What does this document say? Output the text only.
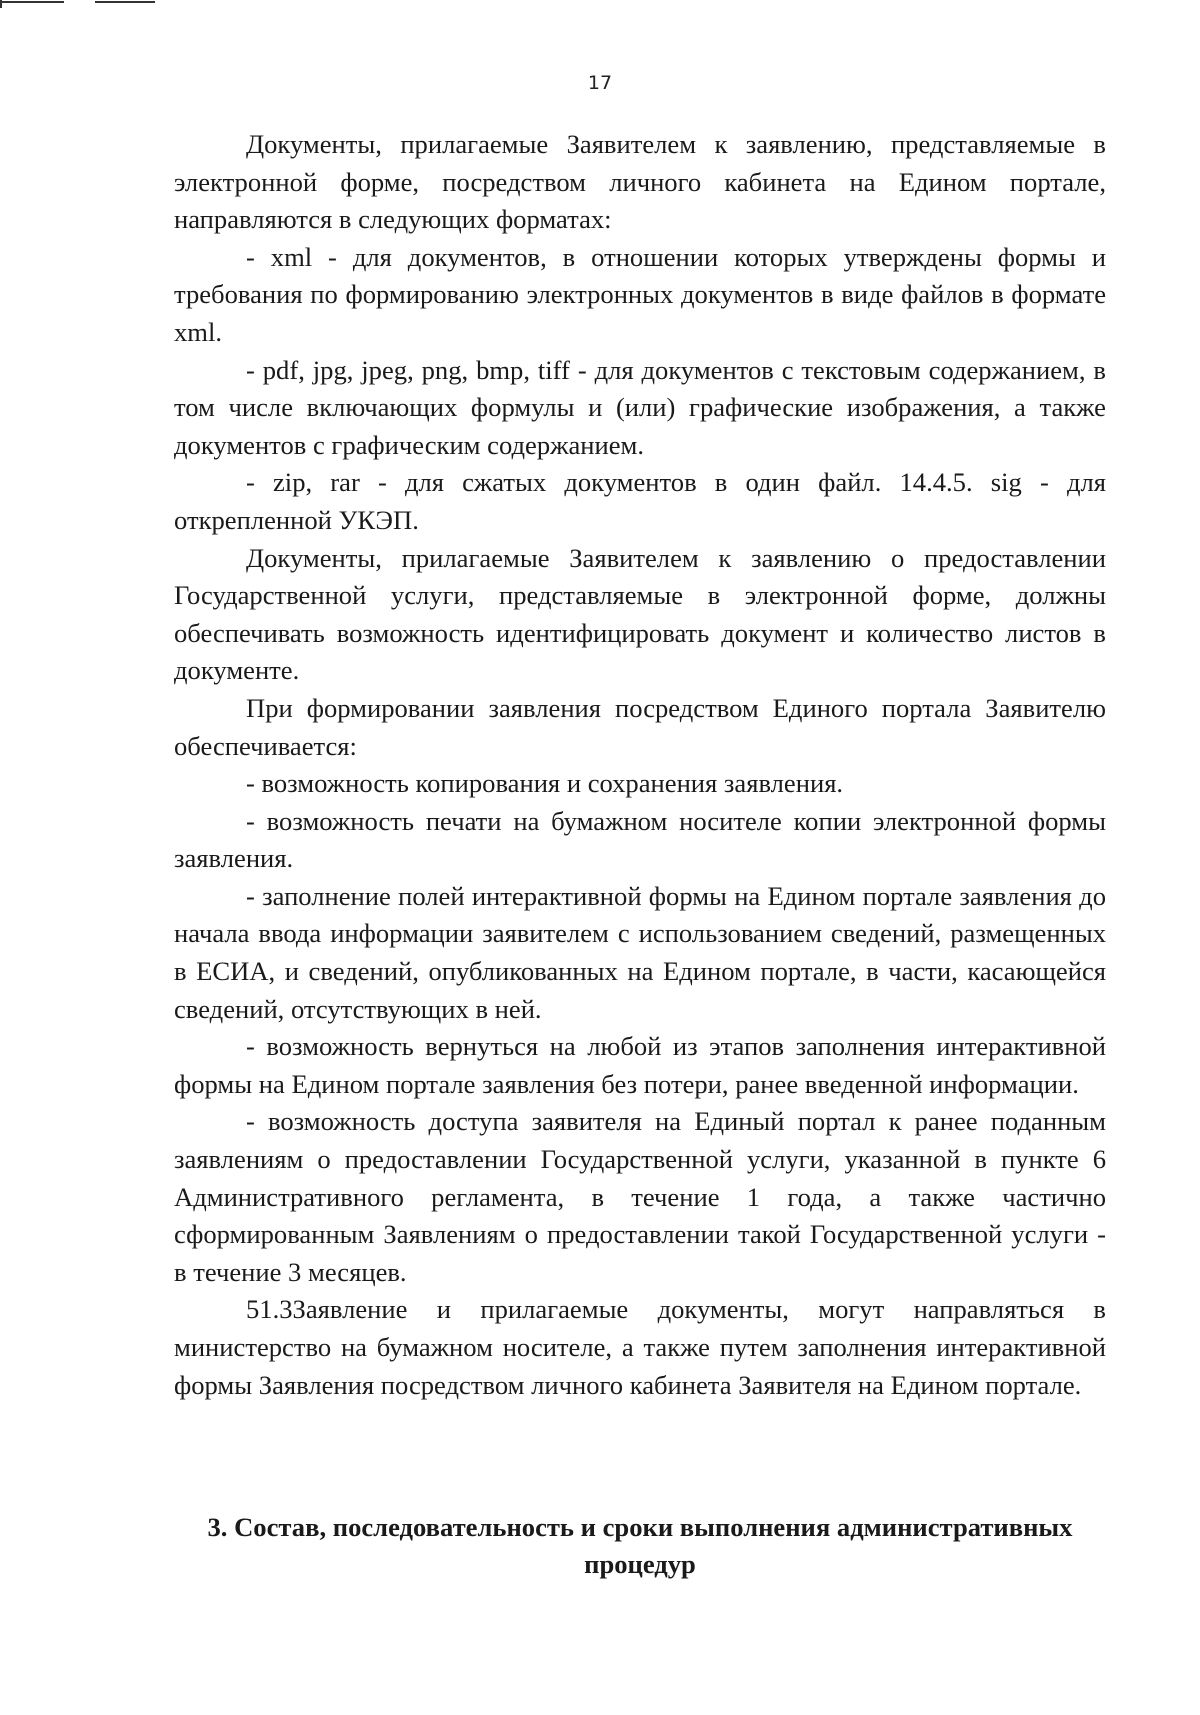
17

Документы, прилагаемые Заявителем к заявлению, представляемые в электронной форме, посредством личного кабинета на Едином портале, направляются в следующих форматах:

- xml - для документов, в отношении которых утверждены формы и требования по формированию электронных документов в виде файлов в формате xml.

- pdf, jpg, jpeg, png, bmp, tiff - для документов с текстовым содержанием, в том числе включающих формулы и (или) графические изображения, а также документов с графическим содержанием.

- zip, rar - для сжатых документов в один файл. 14.4.5. sig - для открепленной УКЭП.

Документы, прилагаемые Заявителем к заявлению о предоставлении Государственной услуги, представляемые в электронной форме, должны обеспечивать возможность идентифицировать документ и количество листов в документе.

При формировании заявления посредством Единого портала Заявителю обеспечивается:

- возможность копирования и сохранения заявления.

- возможность печати на бумажном носителе копии электронной формы заявления.

- заполнение полей интерактивной формы на Едином портале заявления до начала ввода информации заявителем с использованием сведений, размещенных в ЕСИА, и сведений, опубликованных на Едином портале, в части, касающейся сведений, отсутствующих в ней.

- возможность вернуться на любой из этапов заполнения интерактивной формы на Едином портале заявления без потери, ранее введенной информации.

- возможность доступа заявителя на Единый портал к ранее поданным заявлениям о предоставлении Государственной услуги, указанной в пункте 6 Административного регламента, в течение 1 года, а также частично сформированным Заявлениям о предоставлении такой Государственной услуги - в течение 3 месяцев.

51.3Заявление и прилагаемые документы, могут направляться в министерство на бумажном носителе, а также путем заполнения интерактивной формы Заявления посредством личного кабинета Заявителя на Едином портале.

3. Состав, последовательность и сроки выполнения административных процедур
